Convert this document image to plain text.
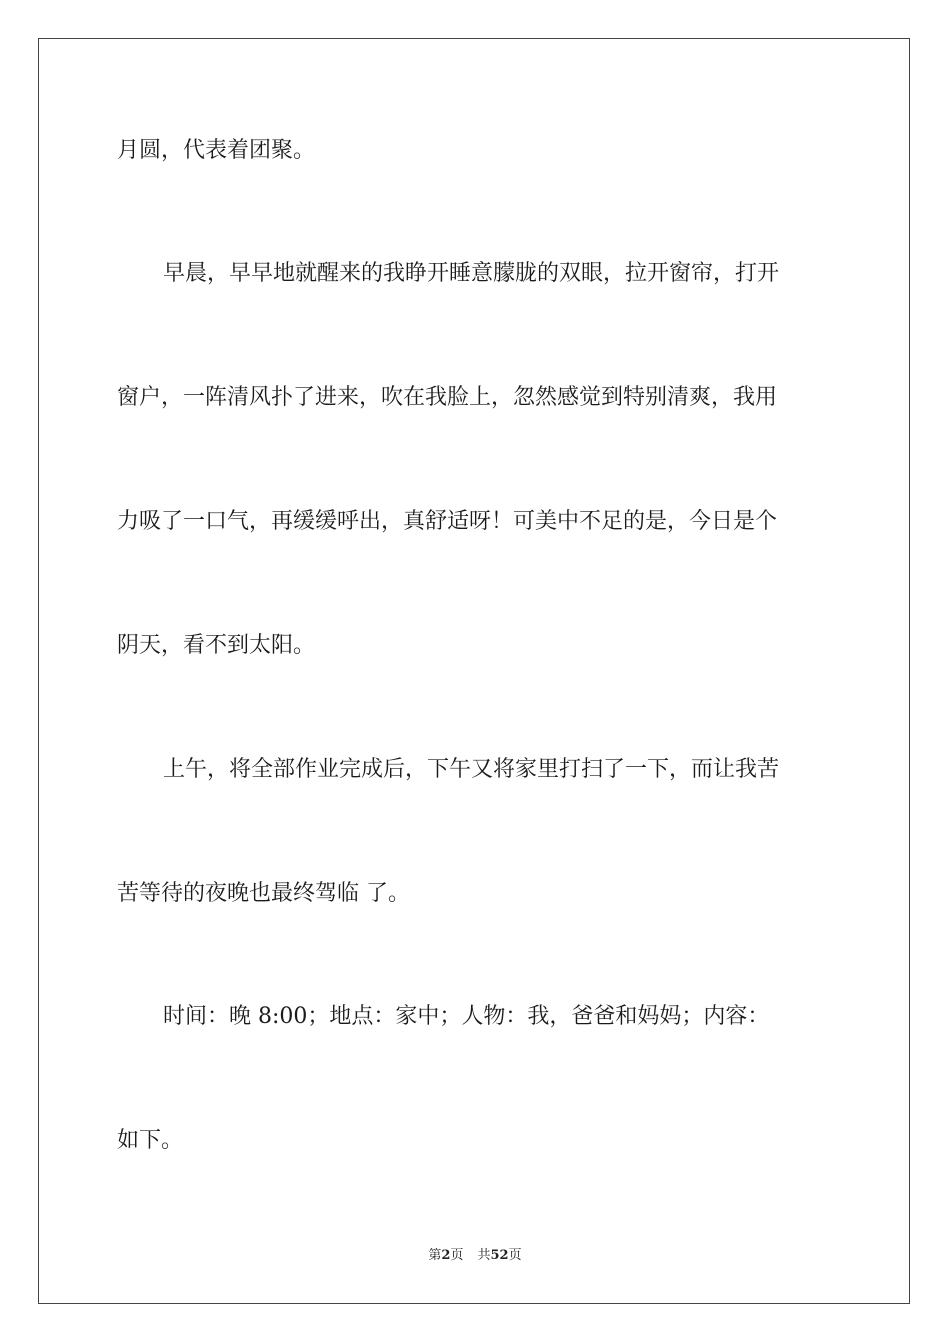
月圆，代表着团聚。

早晨，早早地就醒来的我睁开睡意朦胧的双眼，拉开窗帘，打开

窗户，一阵清风扑了进来，吹在我脸上，忽然感觉到特别清爽，我用

力吸了一口气，再缓缓呼出，真舒适呀！可美中不足的是，今日是个

阴天，看不到太阳。

上午，将全部作业完成后，下午又将家里打扫了一下，而让我苦

苦等待的夜晚也最终驾临 了。

时间：晚 8:00；地点：家中；人物：我，爸爸和妈妈；内容：

如下。

第2页 共52页
